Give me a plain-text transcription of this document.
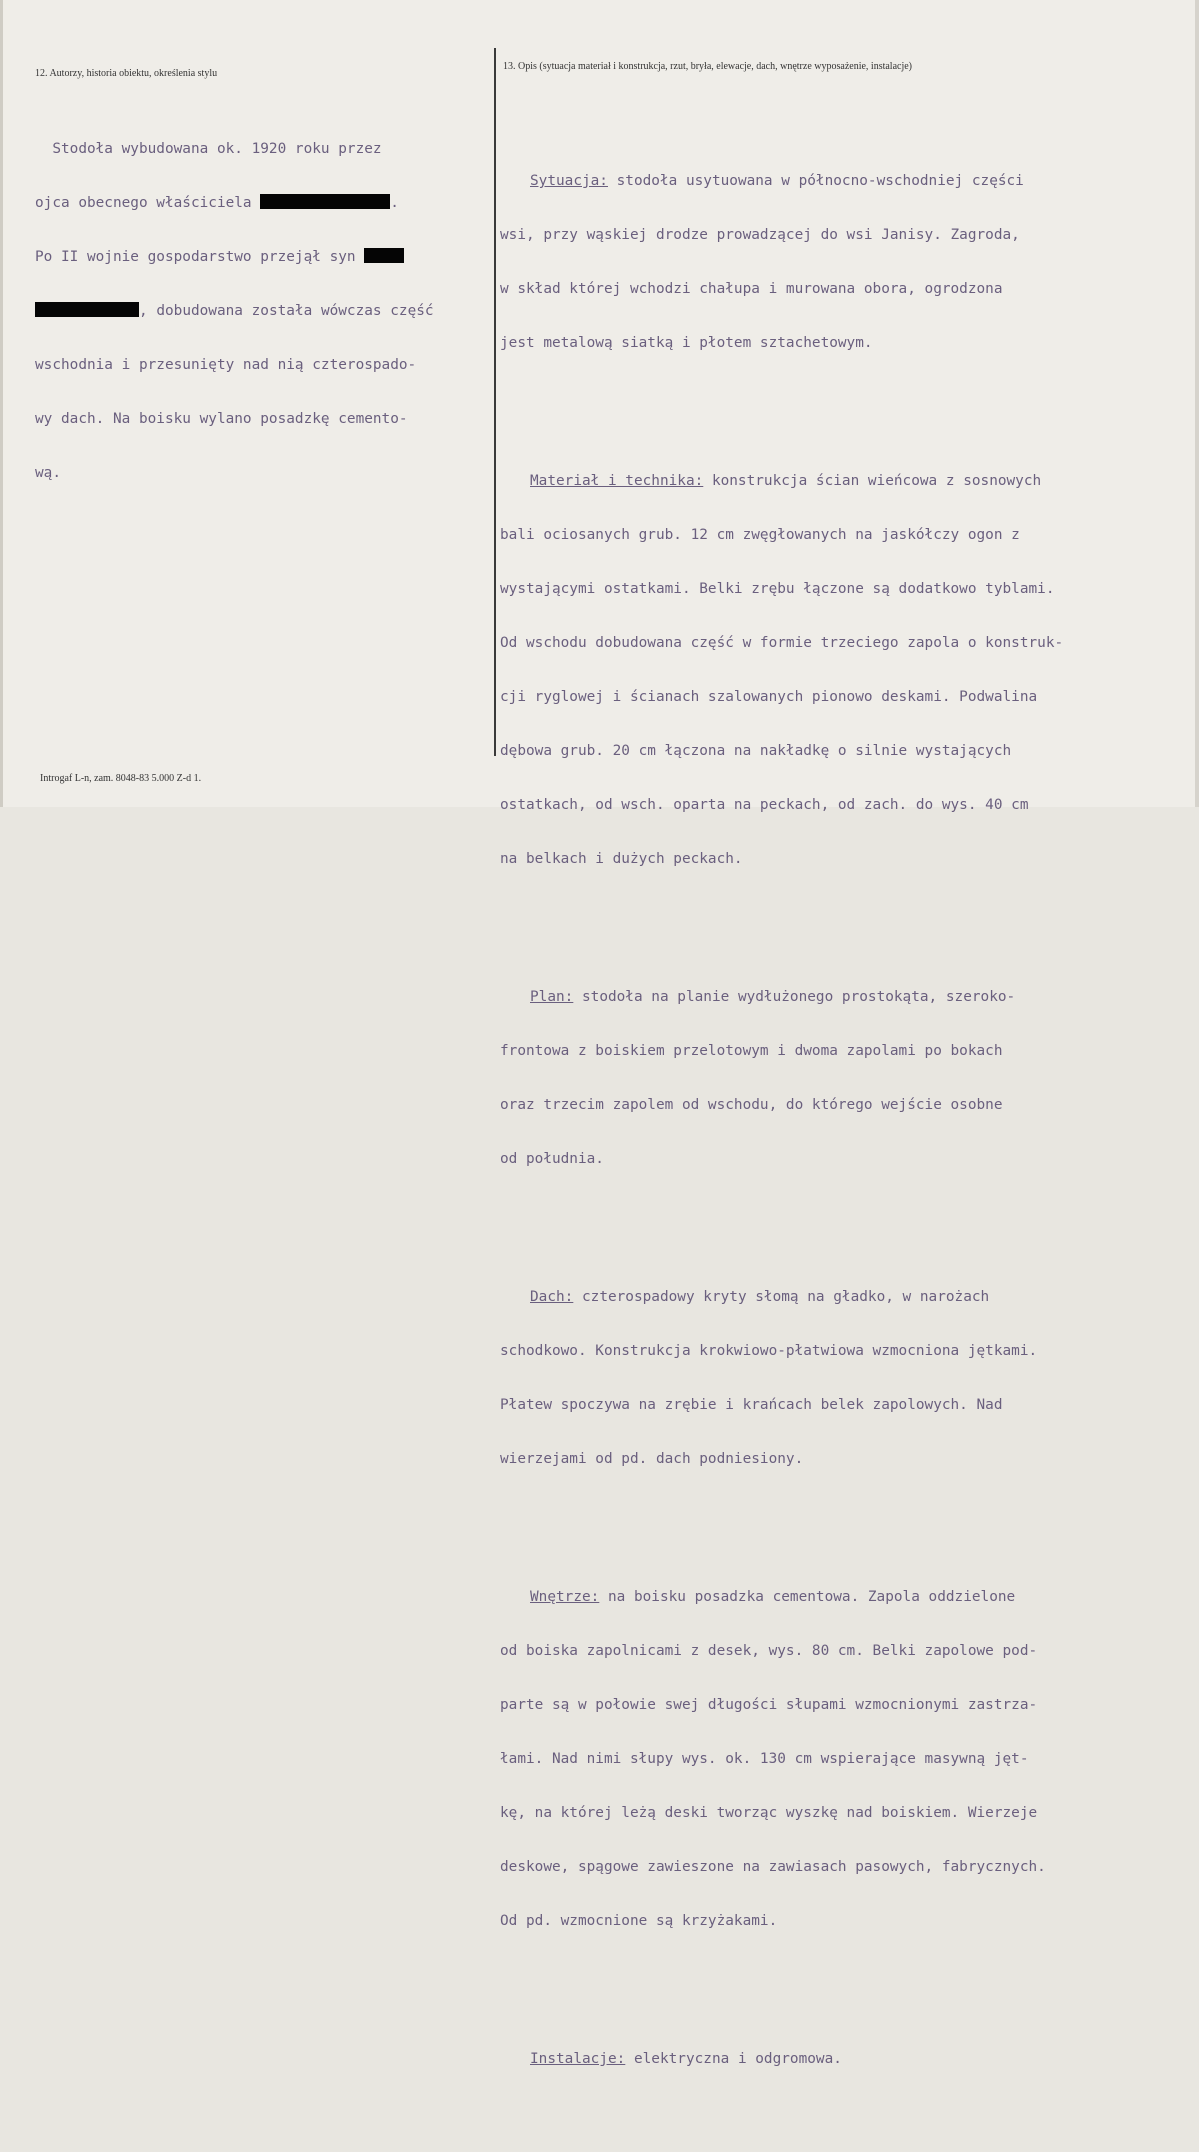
12. Autorzy, historia obiektu, określenia stylu
13. Opis (sytuacja materiał i konstrukcja, rzut, bryła, elewacje, dach, wnętrze wyposażenie, instalacje)

Stodoła wybudowana ok. 1920 roku przez

ojca obecnego właściciela	.

Po II wojnie gospodarstwo przejął syn

, dobudowana została wówczas część

wschodnia i przesunięty nad nią czterospado-

wy dach. Na boisku wylano posadzkę cemento-

wą.

Sytuacja: stodoła usytuowana w północno-wschodniej części

wsi, przy wąskiej drodze prowadzącej do wsi Janisy. Zagroda,

w skład której wchodzi chałupa i murowana obora, ogrodzona

jest metalową siatką i płotem sztachetowym.

Materiał i technika: konstrukcja ścian wieńcowa z sosnowych

bali ociosanych grub. 12 cm zwęgłowanych na jaskółczy ogon z

wystającymi ostatkami. Belki zrębu łączone są dodatkowo tyblami.

Od wschodu dobudowana część w formie trzeciego zapola o konstruk-

cji ryglowej i ścianach szalowanych pionowo deskami. Podwalina

dębowa grub. 20 cm łączona na nakładkę o silnie wystających

ostatkach, od wsch. oparta na peckach, od zach. do wys. 40 cm

na belkach i dużych peckach.

Plan: stodoła na planie wydłużonego prostokąta, szeroko-

frontowa z boiskiem przelotowym i dwoma zapolami po bokach

oraz trzecim zapolem od wschodu, do którego wejście osobne

od południa.

Dach: czterospadowy kryty słomą na gładko, w narożach

schodkowo. Konstrukcja krokwiowo-płatwiowa wzmocniona jętkami.

Płatew spoczywa na zrębie i krańcach belek zapolowych. Nad

wierzejami od pd. dach podniesiony.

Wnętrze: na boisku posadzka cementowa. Zapola oddzielone

od boiska zapolnicami z desek, wys. 80 cm. Belki zapolowe pod-

parte są w połowie swej długości słupami wzmocnionymi zastrza-

łami. Nad nimi słupy wys. ok. 130 cm wspierające masywną jęt-

kę, na której leżą deski tworząc wyszkę nad boiskiem. Wierzeje

deskowe, spągowe zawieszone na zawiasach pasowych, fabrycznych.

Od pd. wzmocnione są krzyżakami.

Instalacje: elektryczna i odgromowa.

Introgaf L-n, zam. 8048-83 5.000 Z-d 1.
